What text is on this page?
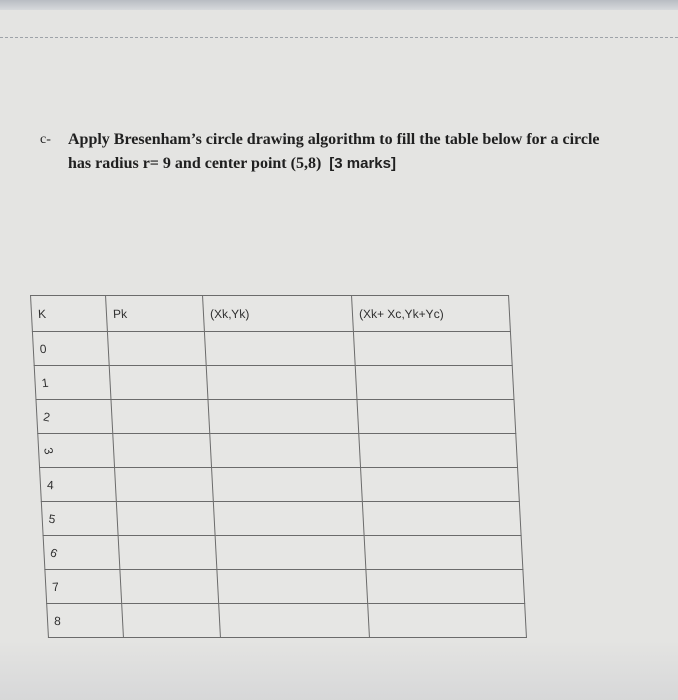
c- Apply Bresenham’s circle drawing algorithm to fill the table below for a circle
has radius r= 9 and center point (5,8) [3 marks]
K	Pk	(Xk,Yk)	(Xk+ Xc,Yk+Yc)
0			
1			
2			
3			
4			
5			
6			
7			
8			
